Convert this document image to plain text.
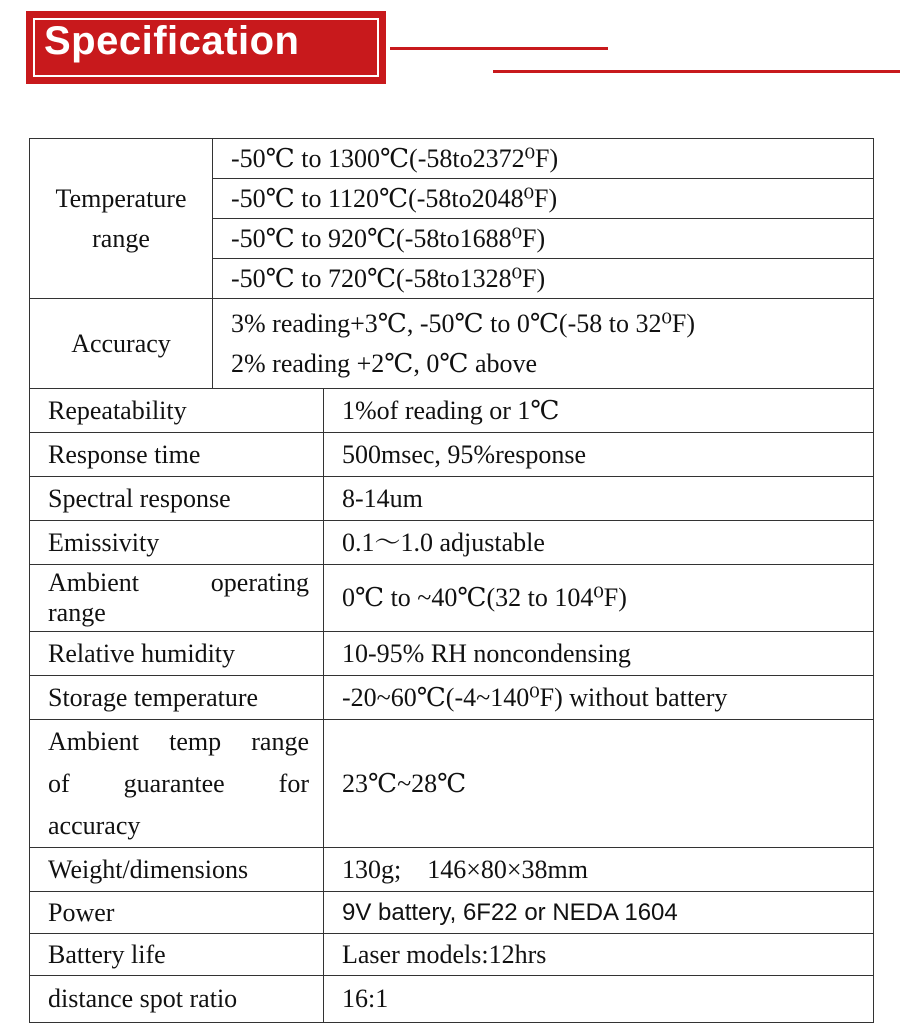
Specification
Temperature
range	-50℃ to 1300℃(-58to2372⁰F)	
	-50℃ to 1120℃(-58to2048⁰F)	
	-50℃ to 920℃(-58to1688⁰F)	
	-50℃ to 720℃(-58to1328⁰F)	
Accuracy	3% reading+3℃, -50℃ to 0℃(-58 to 32⁰F)
2% reading +2℃, 0℃ above	

Repeatability		1%of reading or 1℃
Response time		500msec, 95%response
Spectral response		8-14um
Emissivity		0.1～1.0 adjustable

Ambient operating
range		0℃ to ~40℃(32 to 104⁰F)
Relative humidity		10-95% RH noncondensing
Storage temperature		-20~60℃(-4~140⁰F) without battery

Ambient temp range
of guarantee for
accuracy		23℃~28℃
Weight/dimensions		130g;    146×80×38mm
Power		9V battery, 6F22 or NEDA 1604
Battery life		Laser models:12hrs
distance spot ratio		16:1
